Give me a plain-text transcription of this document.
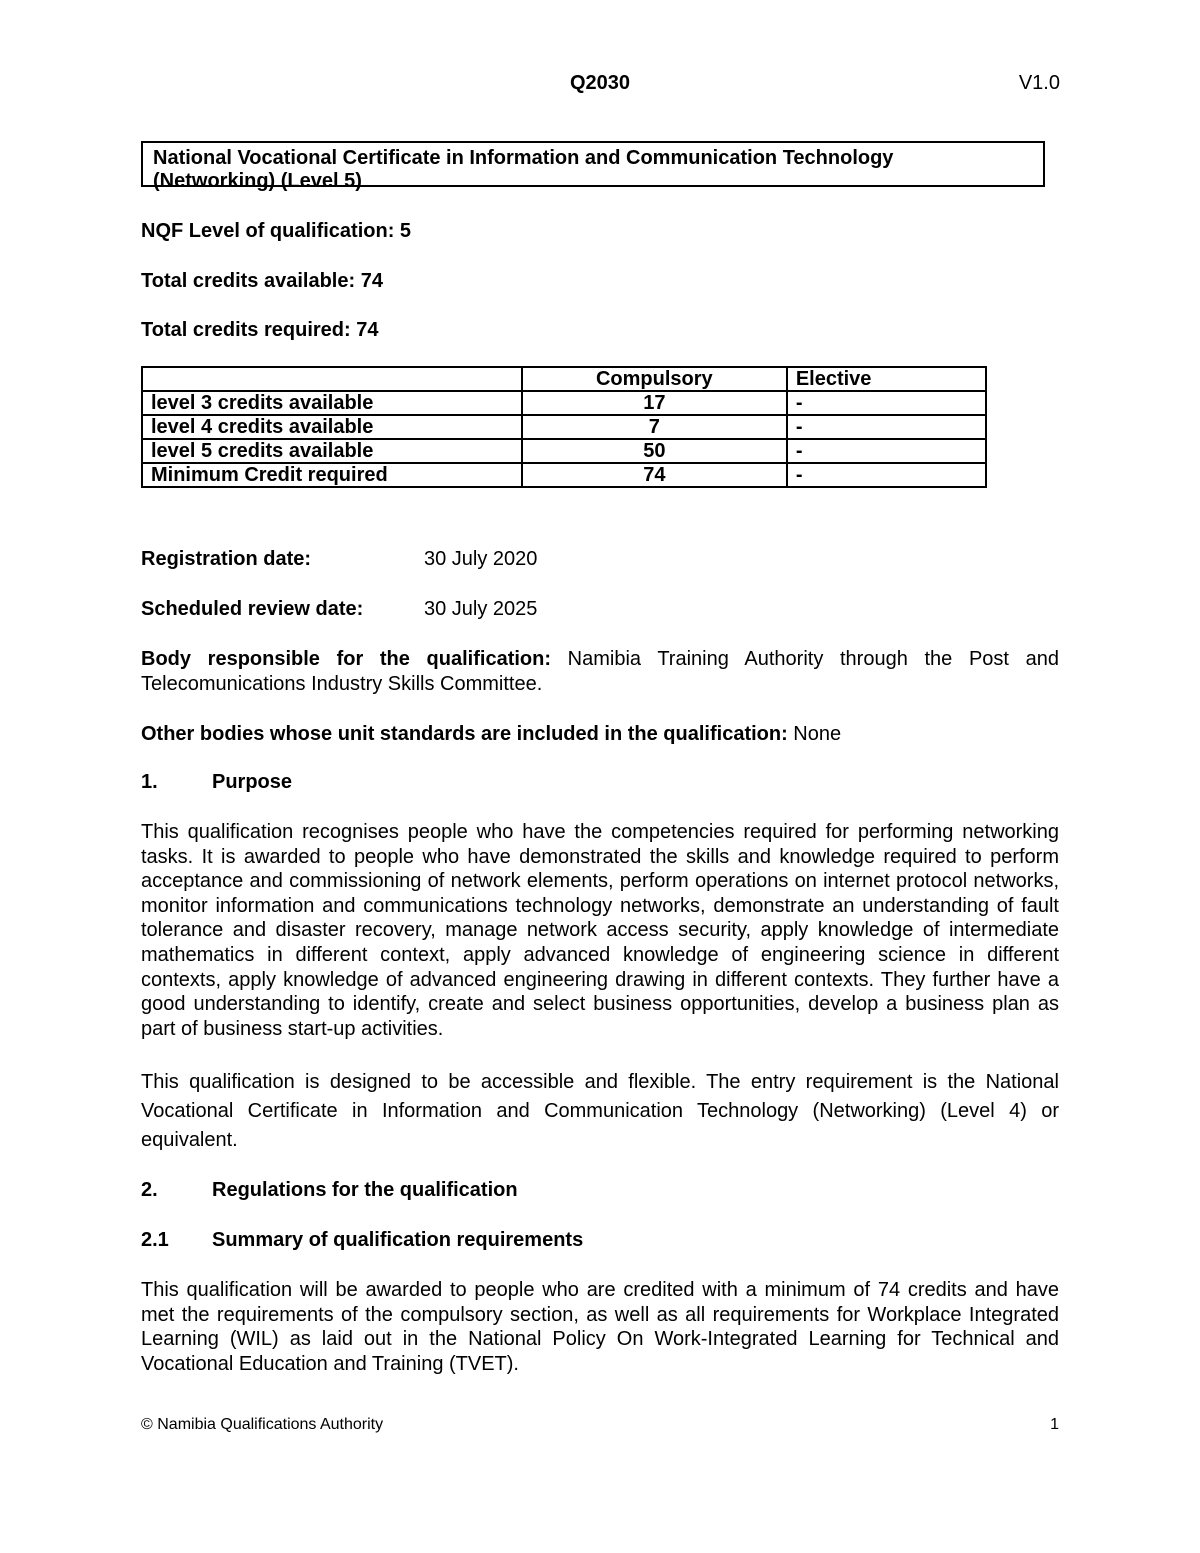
Q2030	V1.0
National Vocational Certificate in Information and Communication Technology
(Networking) (Level 5)
NQF Level of qualification: 5
Total credits available: 74
Total credits required: 74
	Compulsory	Elective
level 3 credits available	17	-
level 4 credits available	7	-
level 5 credits available	50	-
Minimum Credit required	74	-
Registration date:	30 July 2020
Scheduled review date:	30 July 2025
Body responsible for the qualification: Namibia Training Authority through the Post and Telecomunications Industry Skills Committee.
Other bodies whose unit standards are included in the qualification: None
1.	Purpose
This qualification recognises people who have the competencies required for performing networking tasks. It is awarded to people who have demonstrated the skills and knowledge required to perform acceptance and commissioning of network elements, perform operations on internet protocol networks, monitor information and communications technology networks, demonstrate an understanding of fault tolerance and disaster recovery, manage network access security, apply knowledge of intermediate mathematics in different context, apply advanced knowledge of engineering science in different contexts, apply knowledge of advanced engineering drawing in different contexts. They further have a good understanding to identify, create and select business opportunities, develop a business plan as part of business start-up activities.
This qualification is designed to be accessible and flexible. The entry requirement is the National Vocational Certificate in Information and Communication Technology (Networking) (Level 4) or equivalent.
2.	Regulations for the qualification
2.1 Summary of qualification requirements
This qualification will be awarded to people who are credited with a minimum of 74 credits and have met the requirements of the compulsory section, as well as all requirements for Workplace Integrated Learning (WIL) as laid out in the National Policy On Work-Integrated Learning for Technical and Vocational Education and Training (TVET).
© Namibia Qualifications Authority	1
